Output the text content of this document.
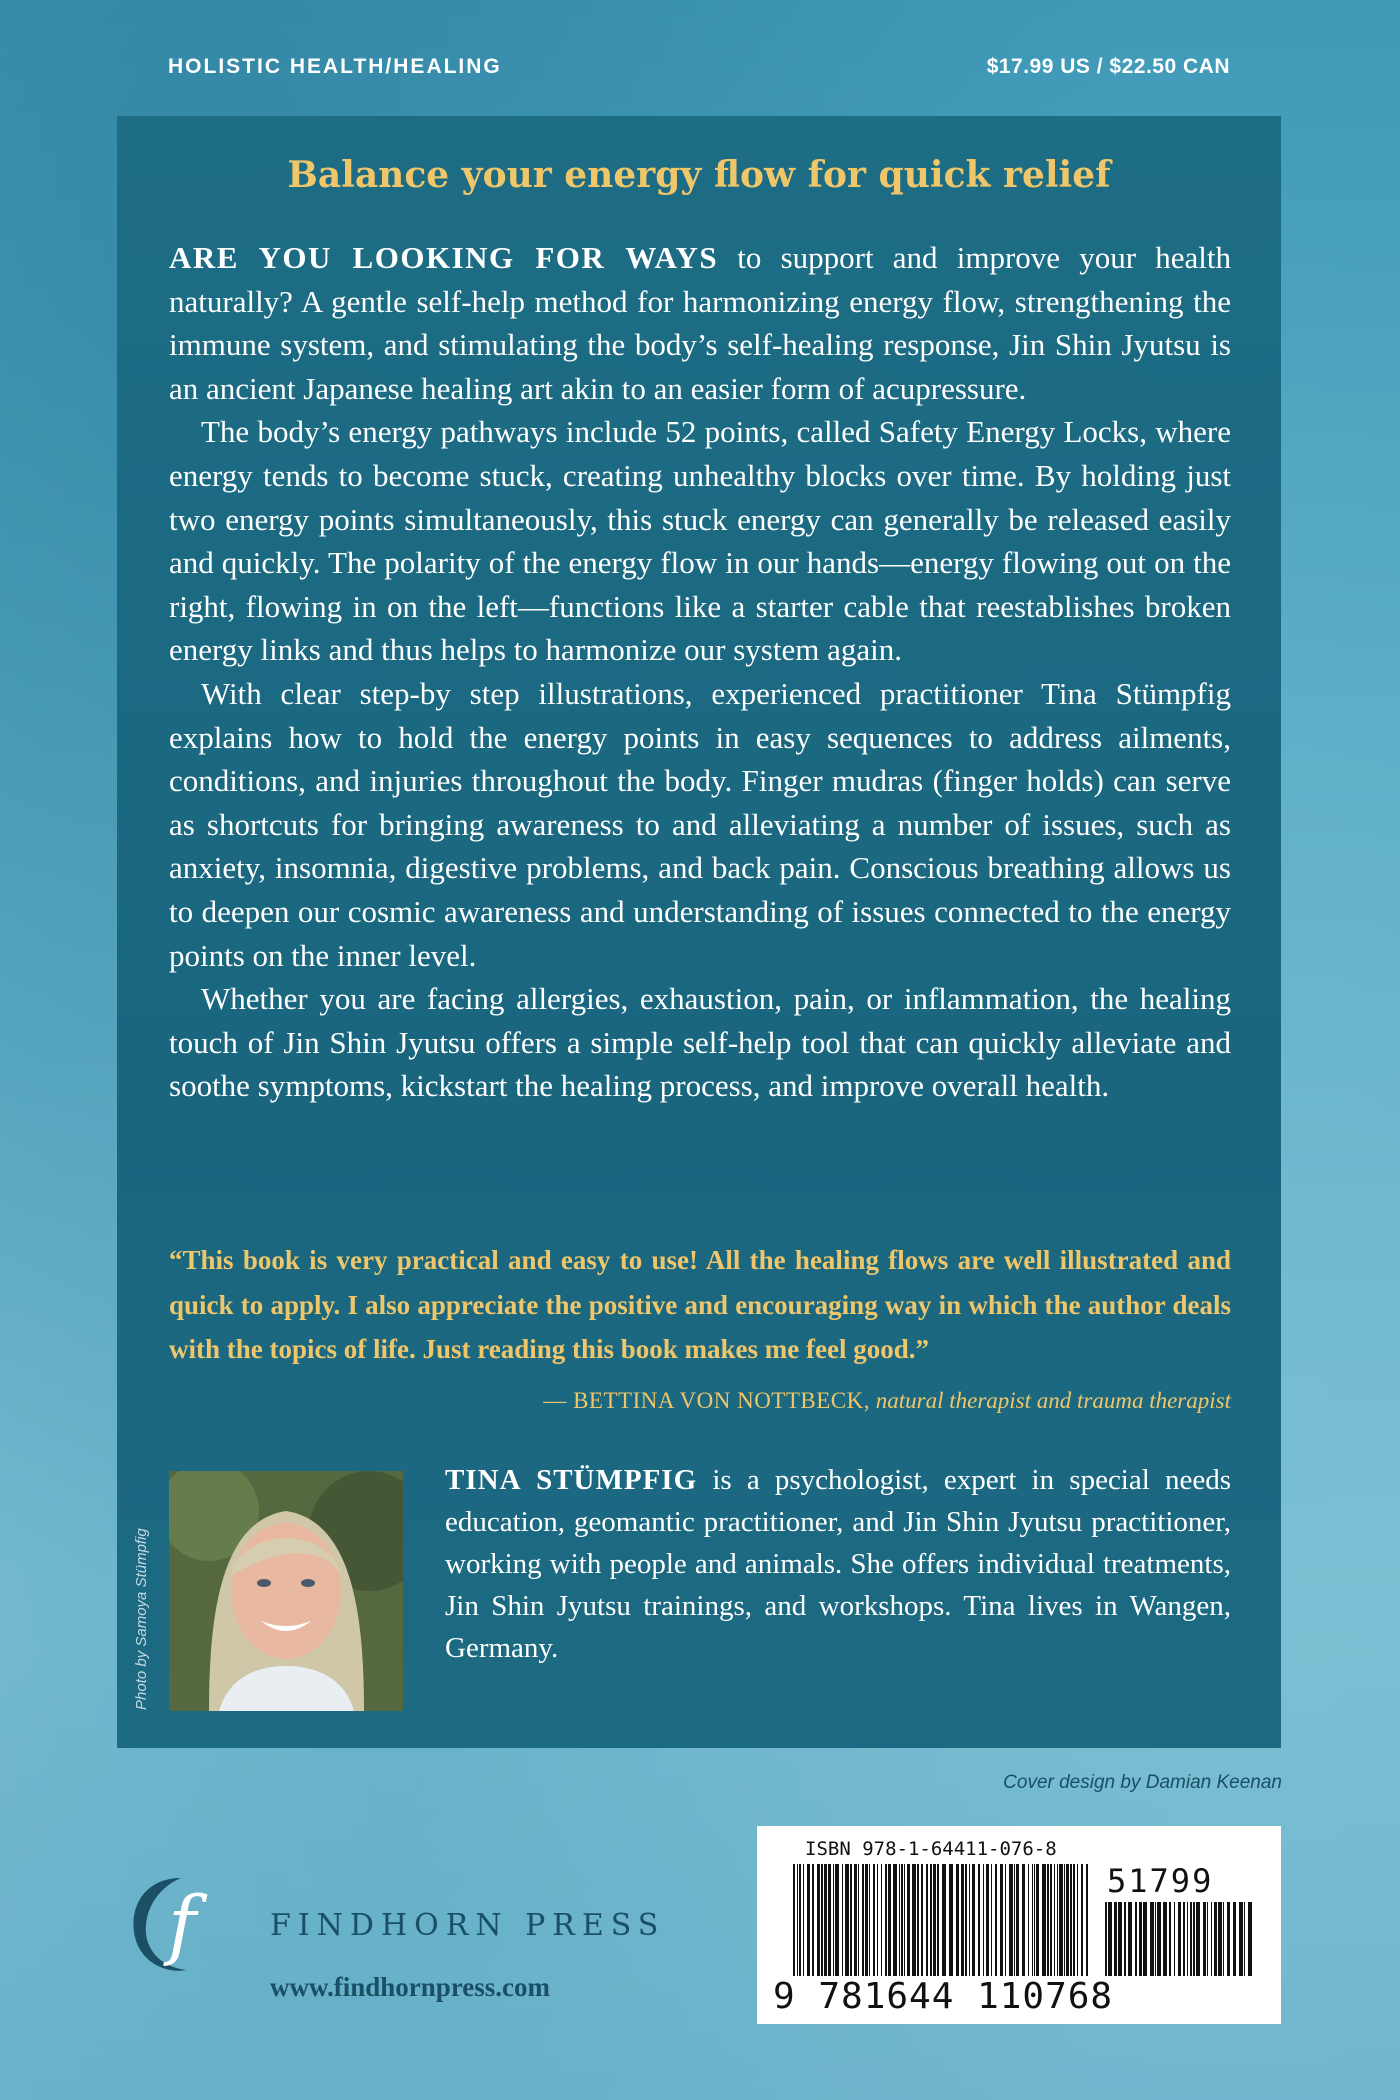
HOLISTIC HEALTH/HEALING	$17.99 US / $22.50 CAN
Balance your energy flow for quick relief

ARE YOU LOOKING FOR WAYS to support and improve your health naturally? A gentle self-help method for harmonizing energy flow, strengthening the immune system, and stimulating the body’s self-healing response, Jin Shin Jyutsu is an ancient Japanese healing art akin to an easier form of acupressure.

The body’s energy pathways include 52 points, called Safety Energy Locks, where energy tends to become stuck, creating unhealthy blocks over time. By holding just two energy points simultaneously, this stuck energy can generally be released easily and quickly. The polarity of the energy flow in our hands—energy flowing out on the right, flowing in on the left—functions like a starter cable that reestablishes broken energy links and thus helps to harmonize our system again.

With clear step-by step illustrations, experienced practitioner Tina Stümpfig explains how to hold the energy points in easy sequences to address ailments, conditions, and injuries throughout the body. Finger mudras (finger holds) can serve as shortcuts for bringing awareness to and alleviating a number of issues, such as anxiety, insomnia, digestive problems, and back pain. Conscious breathing allows us to deepen our cosmic awareness and understanding of issues connected to the energy points on the inner level.

Whether you are facing allergies, exhaustion, pain, or inflammation, the healing touch of Jin Shin Jyutsu offers a simple self-help tool that can quickly alleviate and soothe symptoms, kickstart the healing process, and improve overall health.

“This book is very practical and easy to use! All the healing flows are well illustrated and quick to apply. I also appreciate the positive and encouraging way in which the author deals with the topics of life. Just reading this book makes me feel good.”

— BETTINA VON NOTTBECK, natural therapist and trauma therapist
Photo by Samoya Stümpfig

TINA STÜMPFIG is a psychologist, expert in special needs education, geomantic practitioner, and Jin Shin Jyutsu practitioner, working with people and animals. She offers individual treatments, Jin Shin Jyutsu trainings, and workshops. Tina lives in Wangen, Germany.

Cover design by Damian Keenan
f	FINDHORN PRESS
www.findhornpress.com
ISBN 978-1-64411-076-8
51799
9 781644 110768
